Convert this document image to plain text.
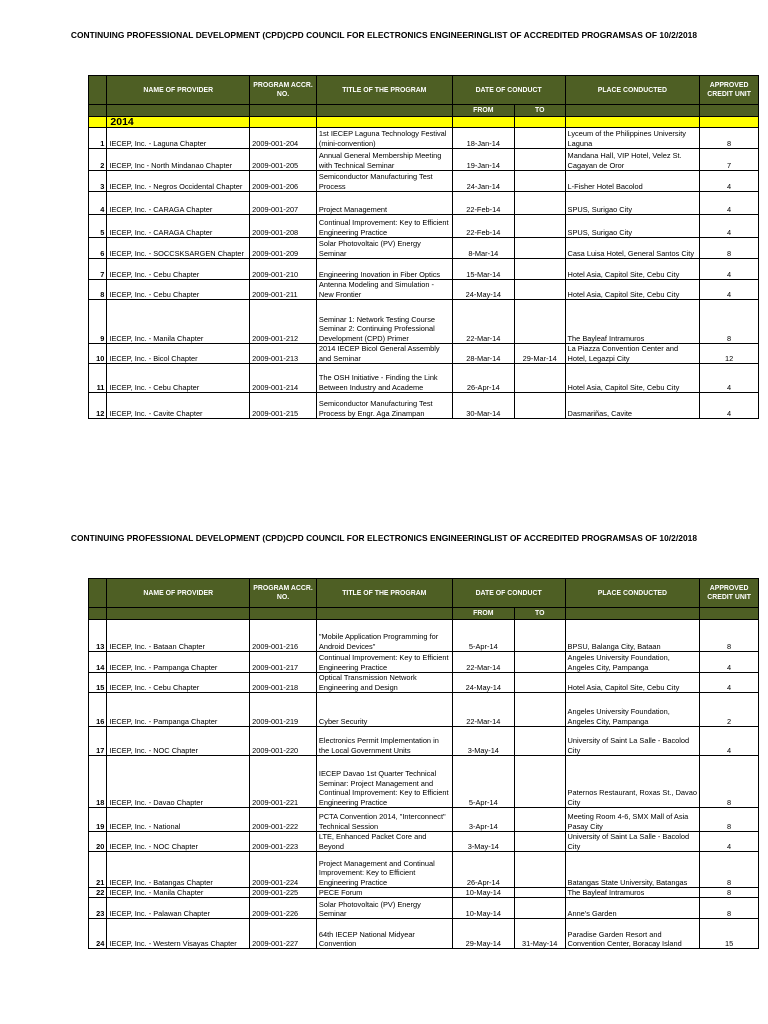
CONTINUING PROFESSIONAL DEVELOPMENT (CPD)CPD COUNCIL FOR ELECTRONICS ENGINEERINGLIST OF ACCREDITED PROGRAMSAS OF 10/2/2018
	NAME OF PROVIDER	PROGRAM ACCR. NO.	TITLE OF THE PROGRAM	DATE OF CONDUCT		PLACE CONDUCTED	APPROVED CREDIT UNIT
				FROM	TO		
	2014						
1	IECEP, Inc. - Laguna Chapter	2009-001-204	1st IECEP Laguna Technology Festival (mini-convention)	18-Jan-14		Lyceum of the Philippines University Laguna	8
2	IECEP, Inc - North Mindanao Chapter	2009-001-205	Annual General Membership Meeting with Technical Seminar	19-Jan-14		Mandana Hall, VIP Hotel, Velez St. Cagayan de Oror	7
3	IECEP, Inc. - Negros Occidental Chapter	2009-001-206	Semiconductor Manufacturing Test Process	24-Jan-14		L-Fisher Hotel Bacolod	4
4	IECEP, Inc. - CARAGA Chapter	2009-001-207	Project Management	22-Feb-14		SPUS, Surigao City	4
5	IECEP, Inc. - CARAGA Chapter	2009-001-208	Continual Improvement: Key to Efficient Engineering Practice	22-Feb-14		SPUS, Surigao City	4
6	IECEP, Inc. - SOCCSKSARGEN Chapter	2009-001-209	Solar Photovoltaic (PV) Energy Seminar	8-Mar-14		Casa Luisa Hotel, General Santos City	8
7	IECEP, Inc. - Cebu Chapter	2009-001-210	Engineering Inovation in Fiber Optics	15-Mar-14		Hotel Asia, Capitol Site, Cebu City	4
8	IECEP, Inc. - Cebu Chapter	2009-001-211	Antenna Modeling and Simulation - New Frontier	24-May-14		Hotel Asia, Capitol Site, Cebu City	4
9	IECEP, Inc. - Manila Chapter	2009-001-212	Seminar 1: Network Testing Course Seminar 2: Continuing Professional Development (CPD) Primer	22-Mar-14		The Bayleaf Intramuros	8
10	IECEP, Inc. - Bicol Chapter	2009-001-213	2014 IECEP Bicol General Assembly and Seminar	28-Mar-14	29-Mar-14	La Piazza Convention Center and Hotel, Legazpi City	12
11	IECEP, Inc. - Cebu Chapter	2009-001-214	The OSH Initiative - Finding the Link Between Industry and Academe	26-Apr-14		Hotel Asia, Capitol Site, Cebu City	4
12	IECEP, Inc. - Cavite Chapter	2009-001-215	Semiconductor Manufacturing Test Process by Engr. Aga Zinampan	30-Mar-14		Dasmariñas, Cavite	4
CONTINUING PROFESSIONAL DEVELOPMENT (CPD)CPD COUNCIL FOR ELECTRONICS ENGINEERINGLIST OF ACCREDITED PROGRAMSAS OF 10/2/2018
	NAME OF PROVIDER	PROGRAM ACCR. NO.	TITLE OF THE PROGRAM	DATE OF CONDUCT		PLACE CONDUCTED	APPROVED CREDIT UNIT
				FROM	TO		
13	IECEP, Inc. - Bataan Chapter	2009-001-216	"Mobile Application Programming for Android Devices"	5-Apr-14		BPSU, Balanga City, Bataan	8
14	IECEP, Inc. - Pampanga Chapter	2009-001-217	Continual Improvement: Key to Efficient Engineering Practice	22-Mar-14		Angeles University Foundation, Angeles City, Pampanga	4
15	IECEP, Inc. - Cebu Chapter	2009-001-218	Optical Transmission Network Engineering and Design	24-May-14		Hotel Asia, Capitol Site, Cebu City	4
16	IECEP, Inc. - Pampanga Chapter	2009-001-219	Cyber Security	22-Mar-14		Angeles University Foundation, Angeles City, Pampanga	2
17	IECEP, Inc. - NOC Chapter	2009-001-220	Electronics Permit Implementation in the Local Government Units	3-May-14		University of Saint La Salle - Bacolod City	4
18	IECEP, Inc. - Davao Chapter	2009-001-221	IECEP Davao 1st Quarter Technical Seminar: Project Management and Continual Improvement: Key to Efficient Engineering Practice	5-Apr-14		Paternos Restaurant, Roxas St., Davao City	8
19	IECEP, Inc. - National	2009-001-222	PCTA Convention 2014, "Interconnect" Technical Session	3-Apr-14		Meeting Room 4-6, SMX Mall of Asia Pasay City	8
20	IECEP, Inc. - NOC Chapter	2009-001-223	LTE, Enhanced Packet Core and Beyond	3-May-14		University of Saint La Salle - Bacolod City	4
21	IECEP, Inc. - Batangas Chapter	2009-001-224	Project Management and Continual Improvement: Key to Efficient Engineering Practice	26-Apr-14		Batangas State University, Batangas	8
22	IECEP, Inc. - Manila Chapter	2009-001-225	PECE Forum	10-May-14		The Bayleaf Intramuros	8
23	IECEP, Inc. - Palawan Chapter	2009-001-226	Solar Photovoltaic (PV) Energy Seminar	10-May-14		Anne's Garden	8
24	IECEP, Inc. - Western Visayas Chapter	2009-001-227	64th IECEP National Midyear Convention	29-May-14	31-May-14	Paradise Garden Resort and Convention Center, Boracay Island	15
